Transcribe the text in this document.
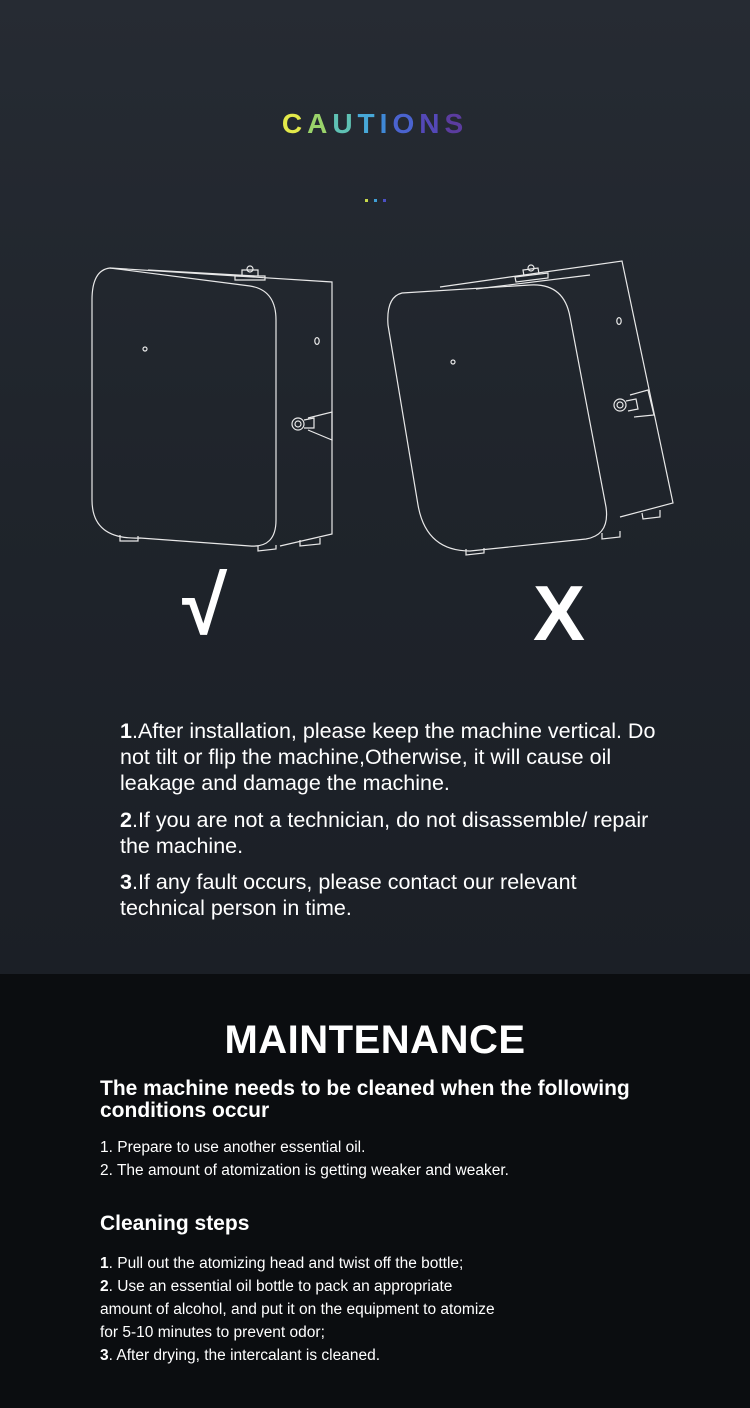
CAUTIONS
√	X
1.After installation, please keep the machine vertical. Do not tilt or flip the machine,Otherwise, it will cause oil leakage and damage the machine.
2.If you are not a technician, do not disassemble/ repair the machine.
3.If any fault occurs, please contact our relevant technical person in time.
MAINTENANCE
The machine needs to be cleaned when the following conditions occur
1. Prepare to use another essential oil.
2. The amount of atomization is getting weaker and weaker.
Cleaning steps
1. Pull out the atomizing head and twist off the bottle;
2. Use an essential oil bottle to pack an appropriate
amount of alcohol, and put it on the equipment to atomize
for 5-10 minutes to prevent odor;
3. After drying, the intercalant is cleaned.
